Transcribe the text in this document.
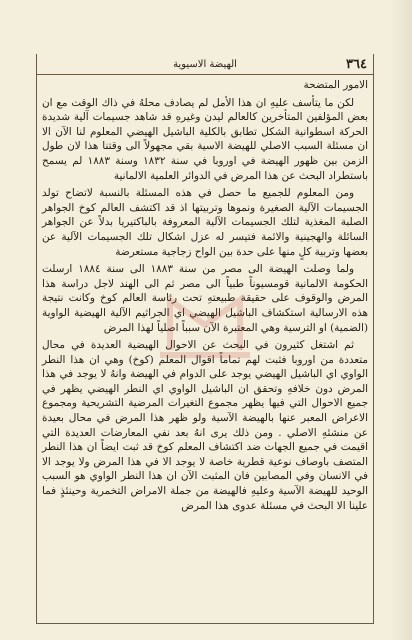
٣٦٤
الهيضة الاسيوية

الامور المتضحة

لكن ما يتأسف عليهِ ان هذا الأمل لم يصادف محلهُ في ذاك الوقت مع ان بعض المؤلفين المتأخرين كالعالم ليدن وغيرهِ قد شاهد جسيمات آلية شديدة الحركة اسطوانية الشكل تطابق بالكلية الباشيل الهيضي المعلوم لنا الآن الا ان مسئلة السبب الاصلي للهيضة الاسية بقي مجهولاً الى وقتنا هذا لان طول الزمن بين ظهور الهيضة في اوروبا في سنة ١٨٣٢ وسنة ١٨٨٣ لم يسمح باستطراد البحث عن هذا المرض في الدوائر العلمية الالمانية

ومن المعلوم للجميع ما حصل في هذه المسئلة بالنسبة لاتضاح تولد الجسيمات الآلية الصغيرة ونموها وتربيتها اذ قد اكتشف العالم كوخ الجواهر الصلبة المغذية لتلك الجسيمات الآلية المعروفة بالباكتيريا بدلاً عن الجواهر السائلة والهجينية والائمة فتيسر له عزل اشكال تلك الجسيمات الآلية عن بعضها وتربية كلٍ منها على حدة بين الواح زجاجية مستعرضة

ولما وصلت الهيضة الى مصر من سنة ١٨٨٣ الى سنة ١٨٨٤ ارسلت الحكومة الالمانية قومسيوناً طبياً الى مصر ثم الى الهند لاجل دراسة هذا المرض والوقوف على حقيقة طبيعتهِ تحت رئاسة العالم كوخ وكانت نتيجة هذه الارسالية استكشاف الباشيل الهيضي اي الجراثيم الآلية الهيضية الواوية (الضمية) او الترسية وهي المعتبرة الآن سبباً اصلياً لهذا المرض

ثم اشتغل كثيرون في البحث عن الاحوال الهيضية العديدة في محال متعددة من اوروبا فثبت لهم تماماً اقوال المعلم (كوخ) وهي ان هذا النطر الواوي اي الباشيل الهيضي يوجد على الدوام في الهيضة وانهُ لا يوجد في هذا المرض دون خلافهِ وتحقق ان الباشيل الواوي اي النطر الهيضي يظهر في جميع الاحوال التي فيها يظهر مجموع التغيرات المرضية التشريحية ومجموع الاعراض المعبر عنها بالهيضة الآسية ولو ظهر هذا المرض في محال بعيدة عن منشئهِ الاصلي . ومن ذلك يرى انهُ بعد نفي المعارضات العديدة التي اقيمت في جميع الجهات ضد اكتشاف المعلم كوخ قد ثبت ايضاً ان هذا النطر المتصف باوصاف نوعية قطرية خاصة لا يوجد الا في هذا المرض ولا يوجد الا في الانسان وفي المصابين فان المثبت الآن ان هذا النطر الواوي هو السبب الوحيد للهيضة الآسية وعليهِ فالهيضة من جملة الامراض التخمرية وحينئذٍ فما علينا الا البحث في مسئلة عدوى هذا المرض
